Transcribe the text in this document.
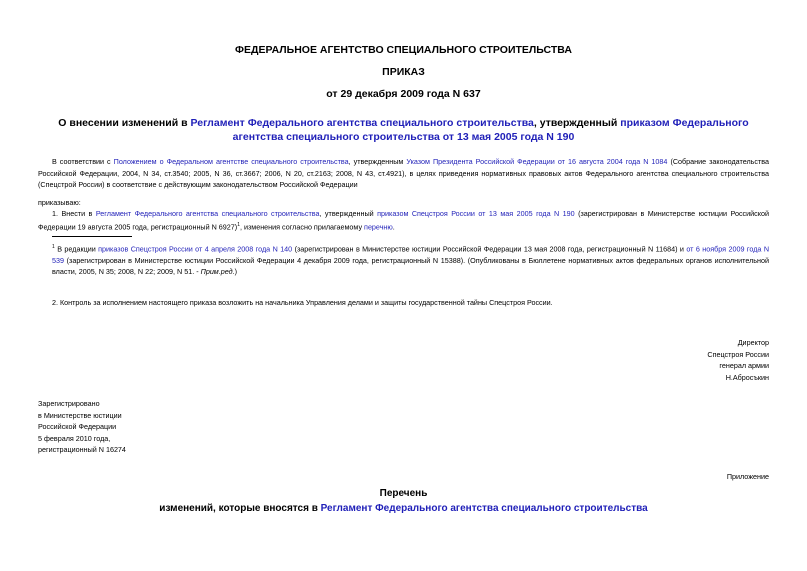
ФЕДЕРАЛЬНОЕ АГЕНТСТВО СПЕЦИАЛЬНОГО СТРОИТЕЛЬСТВА
ПРИКАЗ
от 29 декабря 2009 года N 637
О внесении изменений в Регламент Федерального агентства специального строительства, утвержденный приказом Федерального агентства специального строительства от 13 мая 2005 года N 190
В соответствии с Положением о Федеральном агентстве специального строительства, утвержденным Указом Президента Российской Федерации от 16 августа 2004 года N 1084 (Собрание законодательства Российской Федерации, 2004, N 34, ст.3540; 2005, N 36, ст.3667; 2006, N 20, ст.2163; 2008, N 43, ст.4921), в целях приведения нормативных правовых актов Федерального агентства специального строительства (Спецстрой России) в соответствие с действующим законодательством Российской Федерации
приказываю:
1. Внести в Регламент Федерального агентства специального строительства, утвержденный приказом Спецстроя России от 13 мая 2005 года N 190 (зарегистрирован в Министерстве юстиции Российской Федерации 19 августа 2005 года, регистрационный N 6927)$^1$, изменения согласно прилагаемому перечню.
$^1$ В редакции приказов Спецстроя России от 4 апреля 2008 года N 140 (зарегистрирован в Министерстве юстиции Российской Федерации 13 мая 2008 года, регистрационный N 11684) и от 6 ноября 2009 года N 539 (зарегистрирован в Министерстве юстиции Российской Федерации 4 декабря 2009 года, регистрационный N 15388). (Опубликованы в Бюллетене нормативных актов федеральных органов исполнительной власти, 2005, N 35; 2008, N 22; 2009, N 51. - Прим.ред.)
2. Контроль за исполнением настоящего приказа возложить на начальника Управления делами и защиты государственной тайны Спецстроя России.
Директор
Спецстроя России
генерал армии
Н.Абросъкин
Зарегистрировано
в Министерстве юстиции
Российской Федерации
5 февраля 2010 года,
регистрационный N 16274
Приложение
Перечень
изменений, которые вносятся в Регламент Федерального агентства специального строительства
